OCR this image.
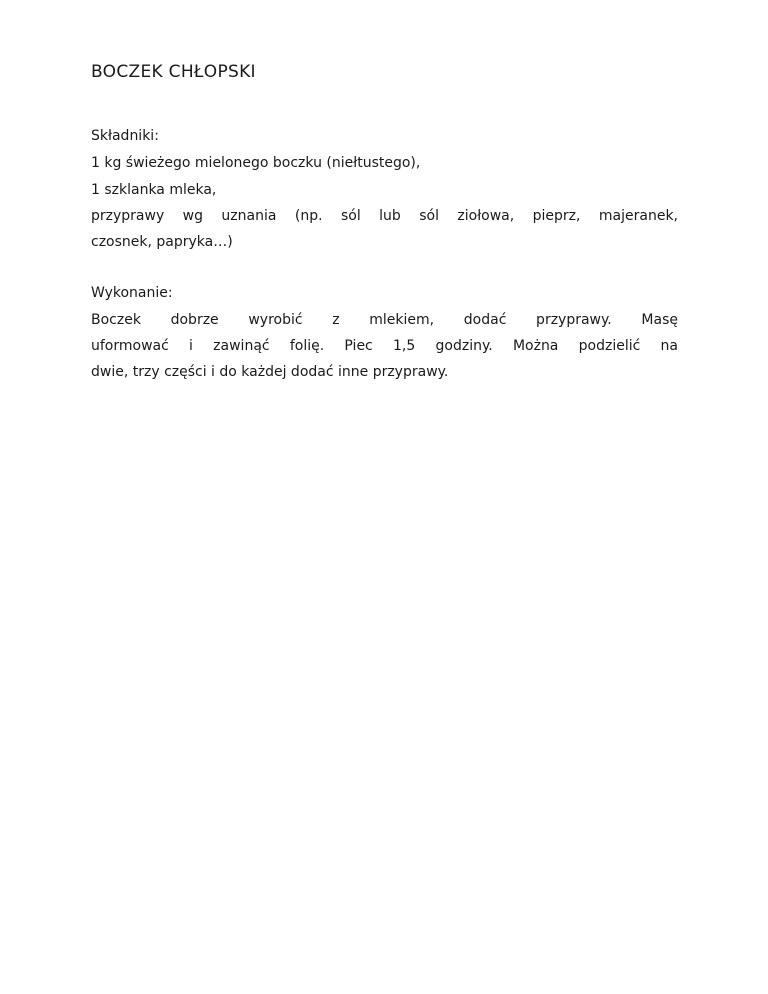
BOCZEK CHŁOPSKI
Składniki:

1 kg świeżego mielonego boczku (niełtustego),

1 szklanka mleka,

przyprawy wg uznania (np. sól lub sól ziołowa, pieprz, majeranek,

czosnek, papryka…)

Wykonanie:

Boczek dobrze wyrobić z mlekiem, dodać przyprawy. Masę

uformować i zawinąć folię. Piec 1,5 godziny. Można podzielić na

dwie, trzy części i do każdej dodać inne przyprawy.
